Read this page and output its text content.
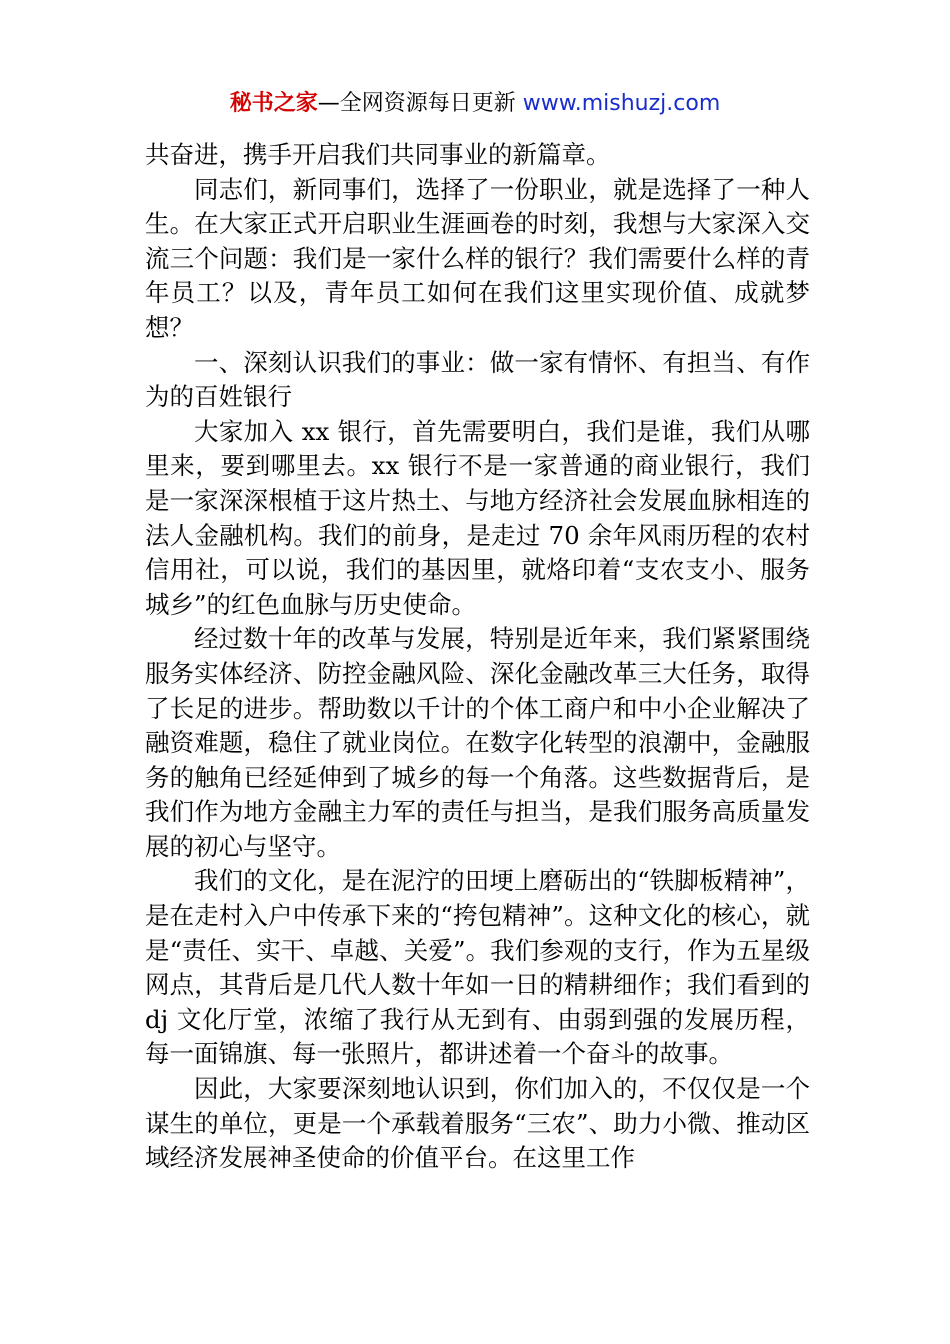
秘书之家—全网资源每日更新 www.mishuzj.com

共奋进，携手开启我们共同事业的新篇章。

同志们，新同事们，选择了一份职业，就是选择了一种人生。在大家正式开启职业生涯画卷的时刻，我想与大家深入交流三个问题：我们是一家什么样的银行？我们需要什么样的青年员工？以及，青年员工如何在我们这里实现价值、成就梦想？

一、深刻认识我们的事业：做一家有情怀、有担当、有作为的百姓银行

大家加入 xx 银行，首先需要明白，我们是谁，我们从哪里来，要到哪里去。xx 银行不是一家普通的商业银行，我们是一家深深根植于这片热土、与地方经济社会发展血脉相连的法人金融机构。我们的前身，是走过 70 余年风雨历程的农村信用社，可以说，我们的基因里，就烙印着“支农支小、服务城乡”的红色血脉与历史使命。

经过数十年的改革与发展，特别是近年来，我们紧紧围绕服务实体经济、防控金融风险、深化金融改革三大任务，取得了长足的进步。帮助数以千计的个体工商户和中小企业解决了融资难题，稳住了就业岗位。在数字化转型的浪潮中，金融服务的触角已经延伸到了城乡的每一个角落。这些数据背后，是我们作为地方金融主力军的责任与担当，是我们服务高质量发展的初心与坚守。

我们的文化，是在泥泞的田埂上磨砺出的“铁脚板精神”，是在走村入户中传承下来的“挎包精神”。这种文化的核心，就是“责任、实干、卓越、关爱”。我们参观的支行，作为五星级网点，其背后是几代人数十年如一日的精耕细作；我们看到的 dj 文化厅堂，浓缩了我行从无到有、由弱到强的发展历程，每一面锦旗、每一张照片，都讲述着一个奋斗的故事。

因此，大家要深刻地认识到，你们加入的，不仅仅是一个谋生的单位，更是一个承载着服务“三农”、助力小微、推动区域经济发展神圣使命的价值平台。在这里工作
